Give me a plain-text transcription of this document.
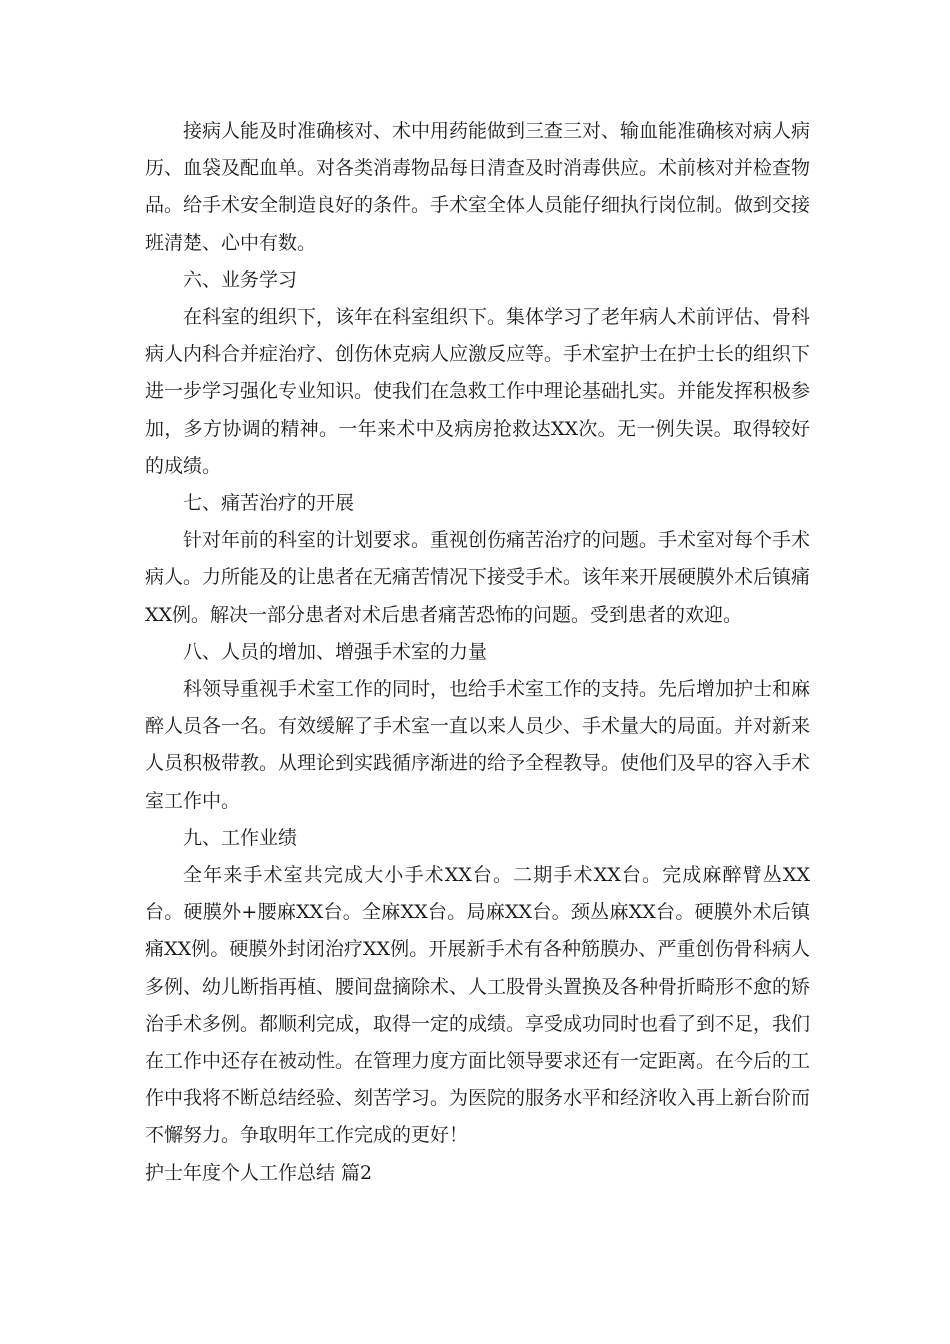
接病人能及时准确核对、术中用药能做到三查三对、输血能准确核对病人病历、血袋及配血单。对各类消毒物品每日清查及时消毒供应。术前核对并检查物品。给手术安全制造良好的条件。手术室全体人员能仔细执行岗位制。做到交接班清楚、心中有数。

六、业务学习

在科室的组织下，该年在科室组织下。集体学习了老年病人术前评估、骨科病人内科合并症治疗、创伤休克病人应激反应等。手术室护士在护士长的组织下进一步学习强化专业知识。使我们在急救工作中理论基础扎实。并能发挥积极参加，多方协调的精神。一年来术中及病房抢救达XX次。无一例失误。取得较好的成绩。

七、痛苦治疗的开展

针对年前的科室的计划要求。重视创伤痛苦治疗的问题。手术室对每个手术病人。力所能及的让患者在无痛苦情况下接受手术。该年来开展硬膜外术后镇痛XX例。解决一部分患者对术后患者痛苦恐怖的问题。受到患者的欢迎。

八、人员的增加、增强手术室的力量

科领导重视手术室工作的同时，也给手术室工作的支持。先后增加护士和麻醉人员各一名。有效缓解了手术室一直以来人员少、手术量大的局面。并对新来人员积极带教。从理论到实践循序渐进的给予全程教导。使他们及早的容入手术室工作中。

九、工作业绩

全年来手术室共完成大小手术XX台。二期手术XX台。完成麻醉臂丛XX台。硬膜外+腰麻XX台。全麻XX台。局麻XX台。颈丛麻XX台。硬膜外术后镇痛XX例。硬膜外封闭治疗XX例。开展新手术有各种筋膜办、严重创伤骨科病人多例、幼儿断指再植、腰间盘摘除术、人工股骨头置换及各种骨折畸形不愈的矫治手术多例。都顺利完成，取得一定的成绩。享受成功同时也看了到不足，我们在工作中还存在被动性。在管理力度方面比领导要求还有一定距离。在今后的工作中我将不断总结经验、刻苦学习。为医院的服务水平和经济收入再上新台阶而不懈努力。争取明年工作完成的更好！

护士年度个人工作总结 篇2
